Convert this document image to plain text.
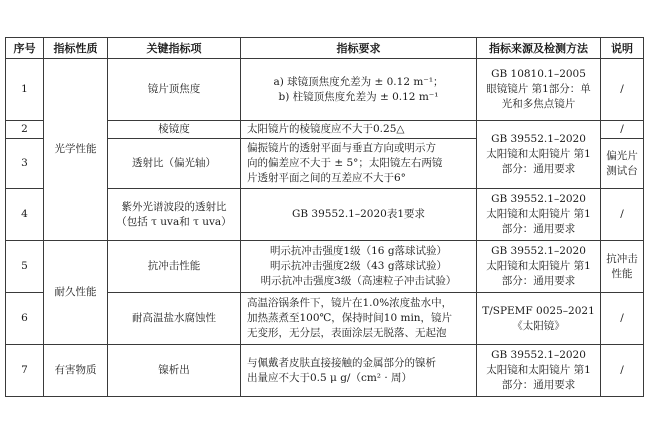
序号	指标性质	关键指标项	指标要求	指标来源及检测方法	说明
1	光学性能	镜片顶焦度	a) 球镜顶焦度允差为 ± 0.12 m⁻¹；
b) 柱镜顶焦度允差为 ± 0.12 m⁻¹	GB 10810.1–2005
眼镜镜片 第1部分：单
光和多焦点镜片	/
2		棱镜度	太阳镜片的棱镜度应不大于0.25△	GB 39552.1–2020
太阳镜和太阳镜片 第1
部分：通用要求	/
3		透射比（偏光轴）	偏振镜片的透射平面与垂直方向或明示方
向的偏差应不大于 ± 5°；太阳镜左右两镜
片透射平面之间的互差应不大于6°		偏光片
测试台

4		紫外光谱波段的透射比
（包括 τ uva和 τ uva）	GB 39552.1–2020表1要求	GB 39552.1–2020
太阳镜和太阳镜片 第1
部分：通用要求	/
5	耐久性能	抗冲击性能	明示抗冲击强度1级（16 g落球试验）
明示抗冲击强度2级（43 g落球试验）
明示抗冲击强度3级（高速粒子冲击试验）	GB 39552.1–2020
太阳镜和太阳镜片 第1
部分：通用要求	抗冲击
性能

6		耐高温盐水腐蚀性	高温浴锅条件下，镜片在1.0%浓度盐水中，
加热蒸煮至100℃，保持时间10 min，镜片
无变形，无分层，表面涂层无脱落、无起泡	T/SPEMF 0025–2021
《太阳镜》	/
7	有害物质	镍析出	与佩戴者皮肤直接接触的金属部分的镍析
出量应不大于0.5 μ g/（cm² · 周）	GB 39552.1–2020
太阳镜和太阳镜片 第1
部分：通用要求	/
